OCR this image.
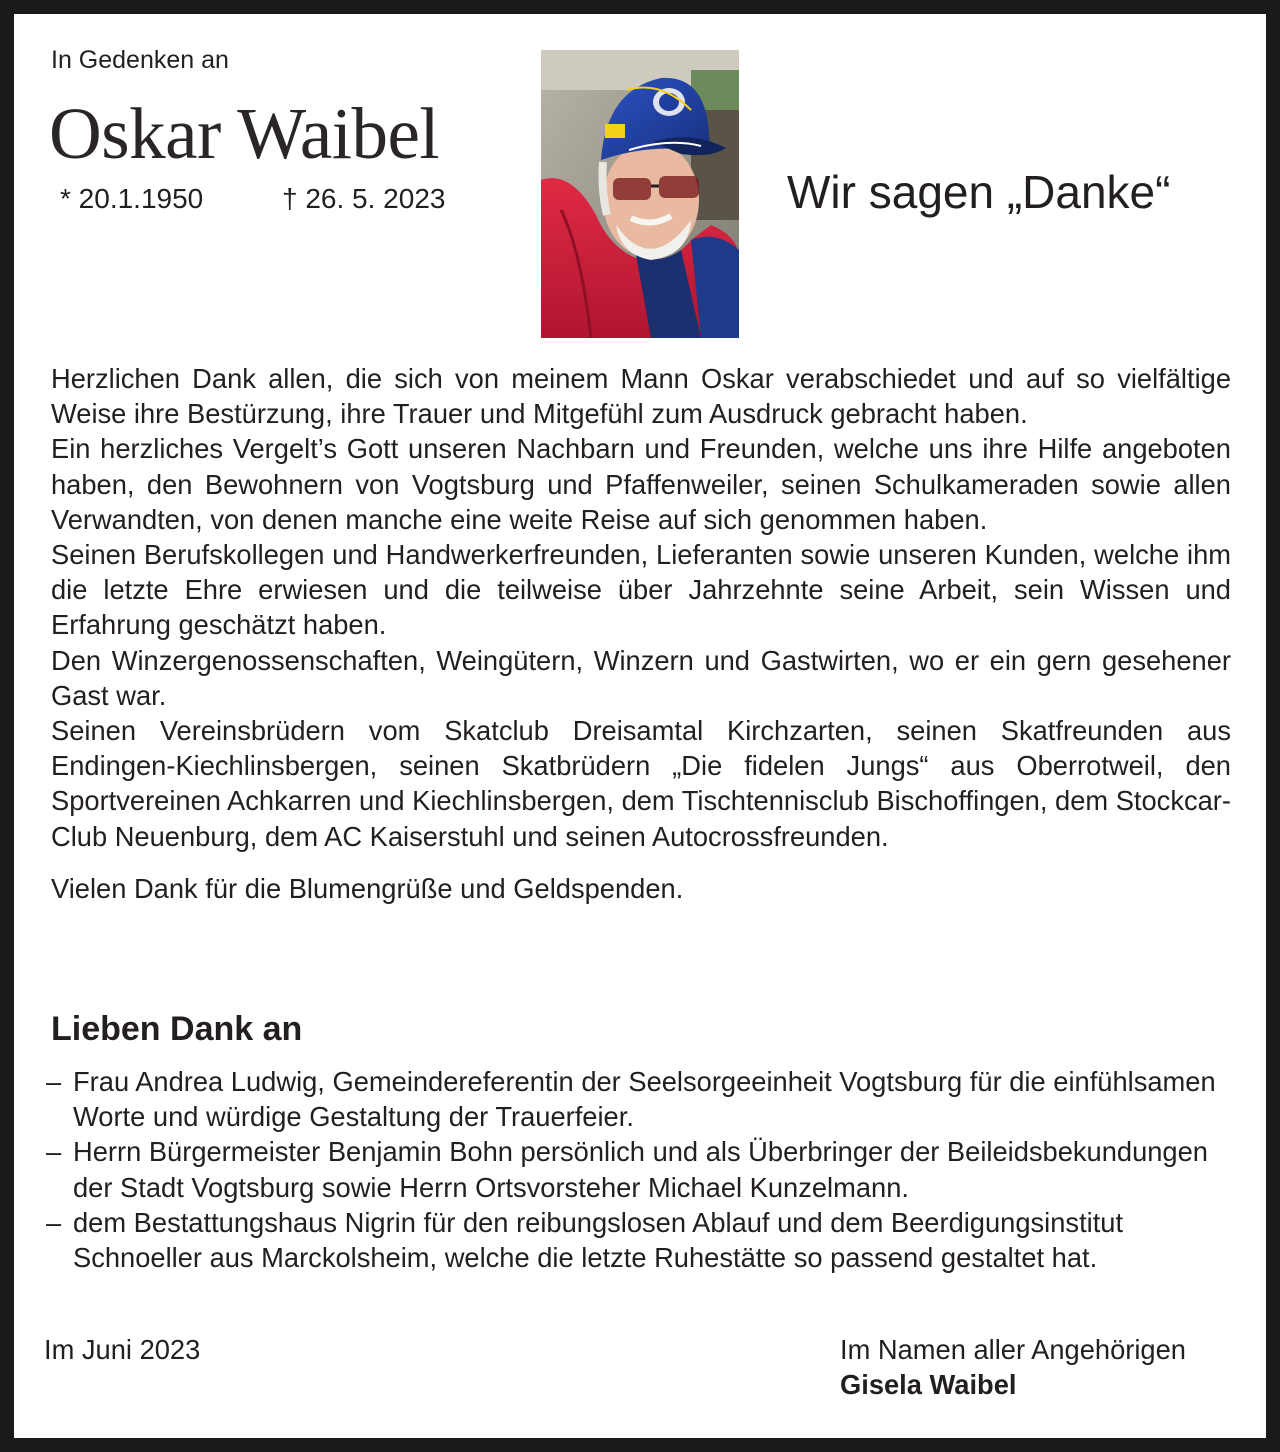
In Gedenken an
Oskar Waibel
* 20.1.1950	† 26. 5. 2023	Wir sagen „Danke“

Herzlichen Dank allen, die sich von meinem Mann Oskar verabschiedet und auf so vielfältige Weise ihre Bestürzung, ihre Trauer und Mitgefühl zum Ausdruck gebracht haben.

Ein herzliches Vergelt’s Gott unseren Nachbarn und Freunden, welche uns ihre Hilfe angeboten haben, den Bewohnern von Vogtsburg und Pfaffenweiler, seinen Schulkameraden sowie allen Verwandten, von denen manche eine weite Reise auf sich genommen haben.

Seinen Berufskollegen und Handwerkerfreunden, Lieferanten sowie unseren Kunden, welche ihm die letzte Ehre erwiesen und die teilweise über Jahrzehnte seine Arbeit, sein Wissen und Erfahrung geschätzt haben.

Den Winzergenossenschaften, Weingütern, Winzern und Gastwirten, wo er ein gern gesehener Gast war.

Seinen Vereinsbrüdern vom Skatclub Dreisamtal Kirchzarten, seinen Skatfreunden aus Endingen-Kiechlinsbergen, seinen Skatbrüdern „Die fidelen Jungs“ aus Oberrotweil, den Sportvereinen Achkarren und Kiechlinsbergen, dem Tischtennisclub Bischoffingen, dem Stockcar-Club Neuenburg, dem AC Kaiserstuhl und seinen Autocrossfreunden.

Vielen Dank für die Blumengrüße und Geldspenden.

Lieben Dank an
– Frau Andrea Ludwig, Gemeindereferentin der Seelsorgeeinheit Vogtsburg für die einfühlsamen Worte und würdige Gestaltung der Trauerfeier.
– Herrn Bürgermeister Benjamin Bohn persönlich und als Überbringer der Beileidsbekundungen der Stadt Vogtsburg sowie Herrn Ortsvorsteher Michael Kunzelmann.
– dem Bestattungshaus Nigrin für den reibungslosen Ablauf und dem Beerdigungsinstitut Schnoeller aus Marckolsheim, welche die letzte Ruhestätte so passend gestaltet hat.
Im Juni 2023	Im Namen aller Angehörigen
Gisela Waibel
